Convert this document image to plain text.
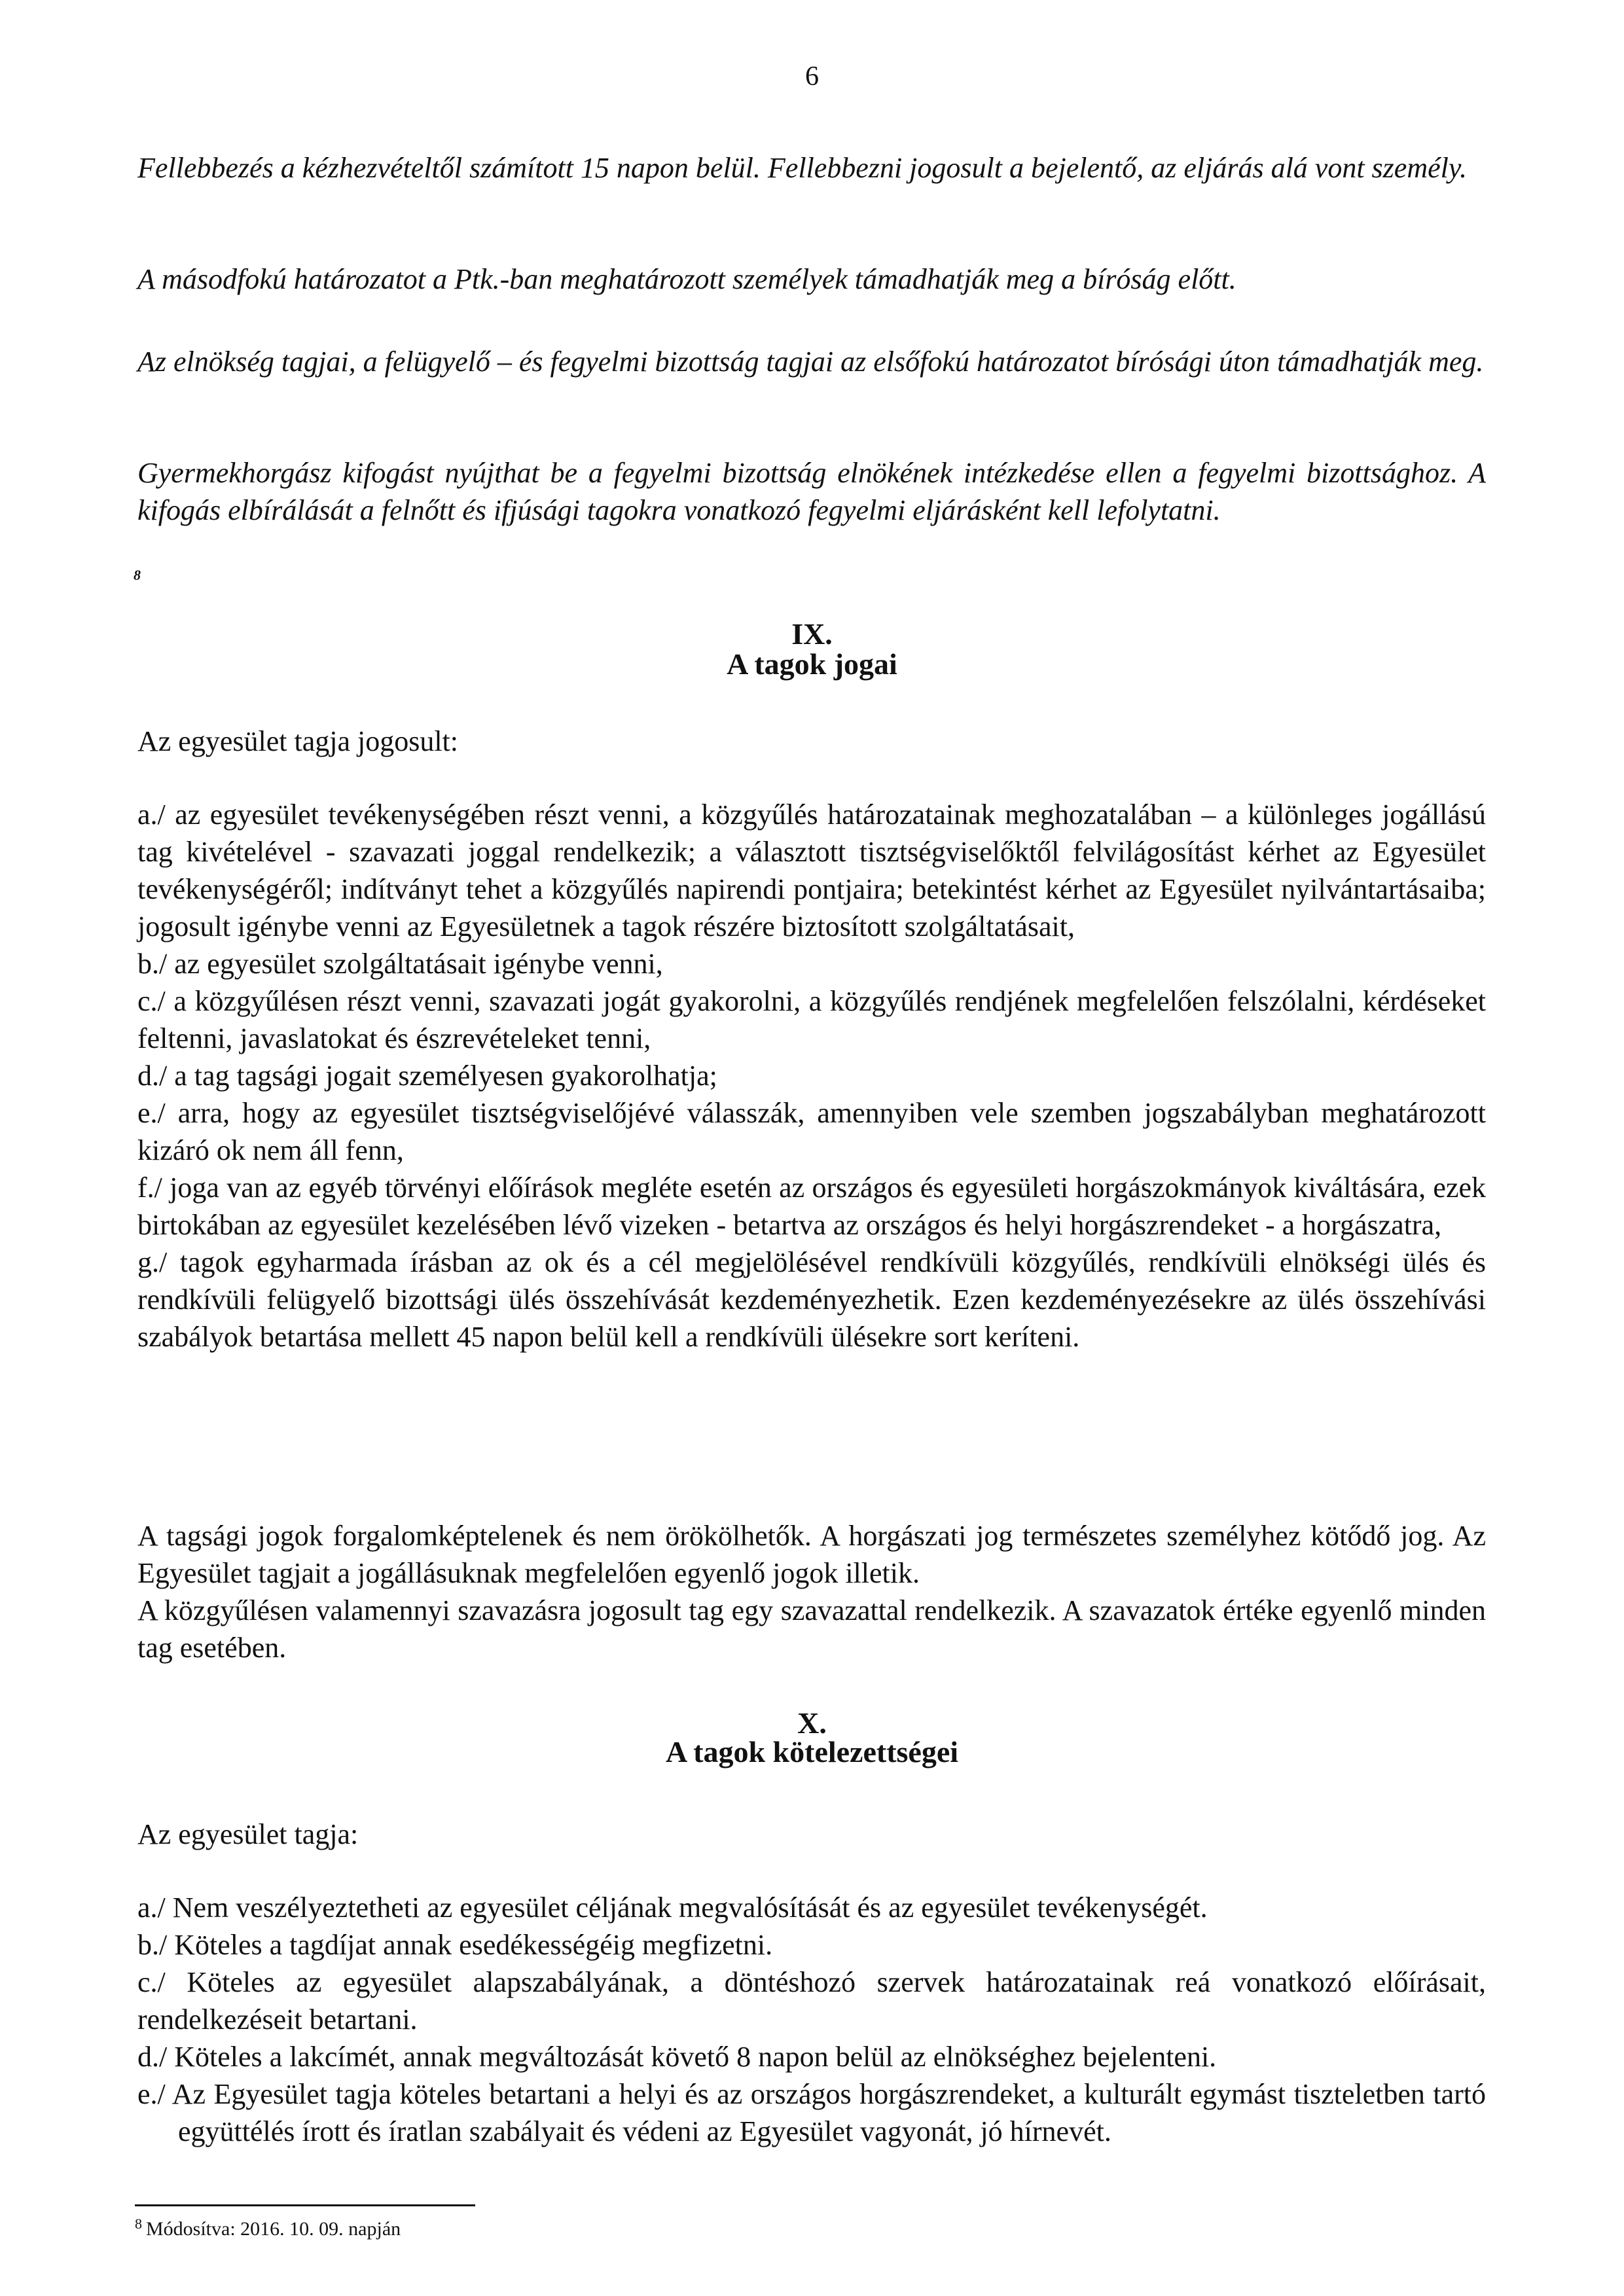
6
Fellebbezés a kézhezvételtől számított 15 napon belül. Fellebbezni jogosult a bejelentő, az eljárás alá vont személy.
A másodfokú határozatot a Ptk.-ban meghatározott személyek támadhatják meg a bíróság előtt.
Az elnökség tagjai, a felügyelő – és fegyelmi bizottság tagjai az elsőfokú határozatot bírósági úton támadhatják meg.
Gyermekhorgász kifogást nyújthat be a fegyelmi bizottság elnökének intézkedése ellen a fegyelmi bizottsághoz. A kifogás elbírálását a felnőtt és ifjúsági tagokra vonatkozó fegyelmi eljárásként kell lefolytatni.
8
IX.
A tagok jogai
Az egyesület tagja jogosult:

a./ az egyesület tevékenységében részt venni, a közgyűlés határozatainak meghozatalában – a különleges jogállású tag kivételével - szavazati joggal rendelkezik; a választott tisztségviselőktől felvilágosítást kérhet az Egyesület tevékenységéről; indítványt tehet a közgyűlés napirendi pontjaira; betekintést kérhet az Egyesület nyilvántartásaiba; jogosult igénybe venni az Egyesületnek a tagok részére biztosított szolgáltatásait,

b./ az egyesület szolgáltatásait igénybe venni,

c./ a közgyűlésen részt venni, szavazati jogát gyakorolni, a közgyűlés rendjének megfelelően felszólalni, kérdéseket feltenni, javaslatokat és észrevételeket tenni,

d./ a tag tagsági jogait személyesen gyakorolhatja;

e./ arra, hogy az egyesület tisztségviselőjévé válasszák, amennyiben vele szemben jogszabályban meghatározott kizáró ok nem áll fenn,

f./ joga van az egyéb törvényi előírások megléte esetén az országos és egyesületi horgászokmányok kiváltására, ezek birtokában az egyesület kezelésében lévő vizeken - betartva az országos és helyi horgászrendeket - a horgászatra,

g./ tagok egyharmada írásban az ok és a cél megjelölésével rendkívüli közgyűlés, rendkívüli elnökségi ülés és rendkívüli felügyelő bizottsági ülés összehívását kezdeményezhetik. Ezen kezdeményezésekre az ülés összehívási szabályok betartása mellett 45 napon belül kell a rendkívüli ülésekre sort keríteni.

A tagsági jogok forgalomképtelenek és nem örökölhetők. A horgászati jog természetes személyhez kötődő jog. Az Egyesület tagjait a jogállásuknak megfelelően egyenlő jogok illetik.

A közgyűlésen valamennyi szavazásra jogosult tag egy szavazattal rendelkezik. A szavazatok értéke egyenlő minden tag esetében.

X.
A tagok kötelezettségei
Az egyesület tagja:

a./ Nem veszélyeztetheti az egyesület céljának megvalósítását és az egyesület tevékenységét.

b./ Köteles a tagdíjat annak esedékességéig megfizetni.

c./ Köteles az egyesület alapszabályának, a döntéshozó szervek határozatainak reá vonatkozó előírásait, rendelkezéseit betartani.

d./ Köteles a lakcímét, annak megváltozását követő 8 napon belül az elnökséghez bejelenteni.

e./ Az Egyesület tagja köteles betartani a helyi és az országos horgászrendeket, a kulturált egymást tiszteletben tartó együttélés írott és íratlan szabályait és védeni az Egyesület vagyonát, jó hírnevét.

$^8$ Módosítva: 2016. 10. 09. napján
